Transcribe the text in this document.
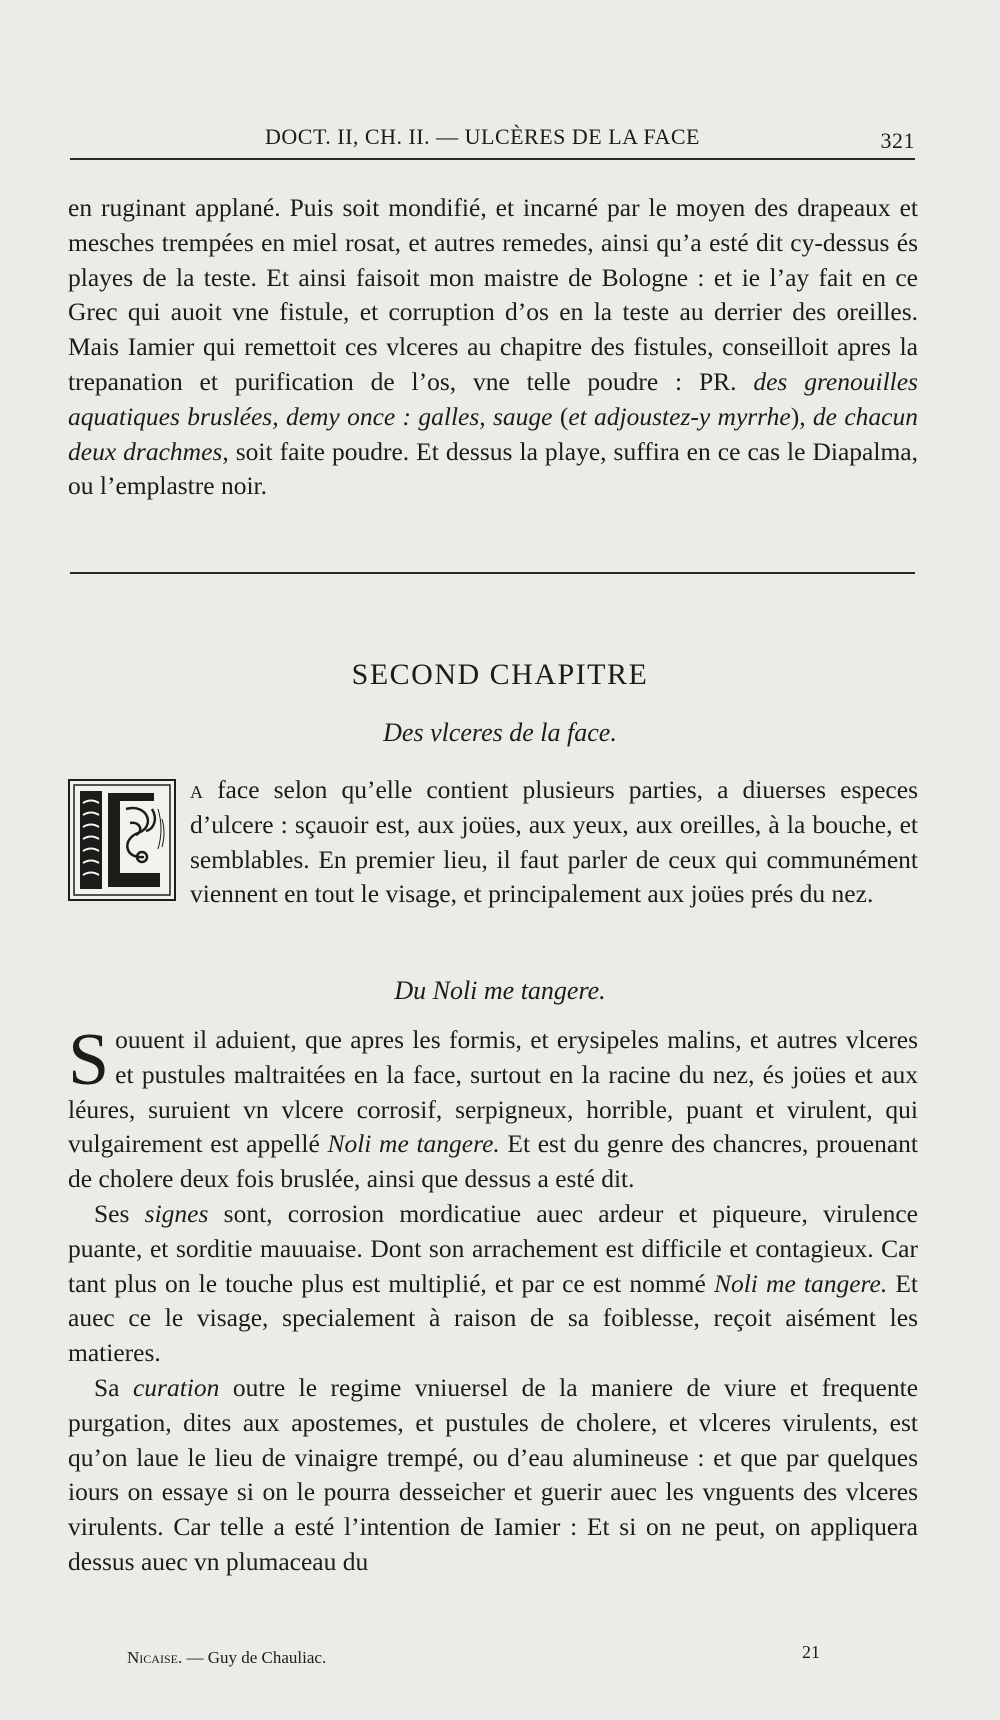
DOCT. II, CH. II. — ULCÈRES DE LA FACE	321

en ruginant applané. Puis soit mondifié, et incarné par le moyen des drapeaux et mesches trempées en miel rosat, et autres remedes, ainsi qu’a esté dit cy-dessus és playes de la teste. Et ainsi faisoit mon maistre de Bologne : et ie l’ay fait en ce Grec qui auoit vne fistule, et corruption d’os en la teste au derrier des oreilles. Mais Iamier qui remettoit ces vlceres au chapitre des fistules, conseilloit apres la trepanation et purification de l’os, vne telle poudre : PR. des grenouilles aquatiques bruslées, demy once : galles, sauge (et adjoustez-y myrrhe), de chacun deux drachmes, soit faite poudre. Et dessus la playe, suffira en ce cas le Diapalma, ou l’emplastre noir.

SECOND CHAPITRE
Des vlceres de la face.

a face selon qu’elle contient plusieurs parties, a diuerses especes d’ulcere : sçauoir est, aux joües, aux yeux, aux oreilles, à la bouche, et semblables. En premier lieu, il faut parler de ceux qui communément viennent en tout le visage, et principalement aux joües prés du nez.

Du Noli me tangere.

Souuent il aduient, que apres les formis, et erysipeles malins, et autres vlceres et pustules maltraitées en la face, surtout en la racine du nez, és joües et aux léures, suruient vn vlcere corrosif, serpigneux, horrible, puant et virulent, qui vulgairement est appellé Noli me tangere. Et est du genre des chancres, prouenant de cholere deux fois bruslée, ainsi que dessus a esté dit.

Ses signes sont, corrosion mordicatiue auec ardeur et piqueure, virulence puante, et sorditie mauuaise. Dont son arrachement est difficile et contagieux. Car tant plus on le touche plus est multiplié, et par ce est nommé Noli me tangere. Et auec ce le visage, specialement à raison de sa foiblesse, reçoit aisément les matieres.

Sa curation outre le regime vniuersel de la maniere de viure et frequente purgation, dites aux apostemes, et pustules de cholere, et vlceres virulents, est qu’on laue le lieu de vinaigre trempé, ou d’eau alumineuse : et que par quelques iours on essaye si on le pourra desseicher et guerir auec les vnguents des vlceres virulents. Car telle a esté l’intention de Iamier : Et si on ne peut, on appliquera dessus auec vn plumaceau du

Nicaise. — Guy de Chauliac.	21
